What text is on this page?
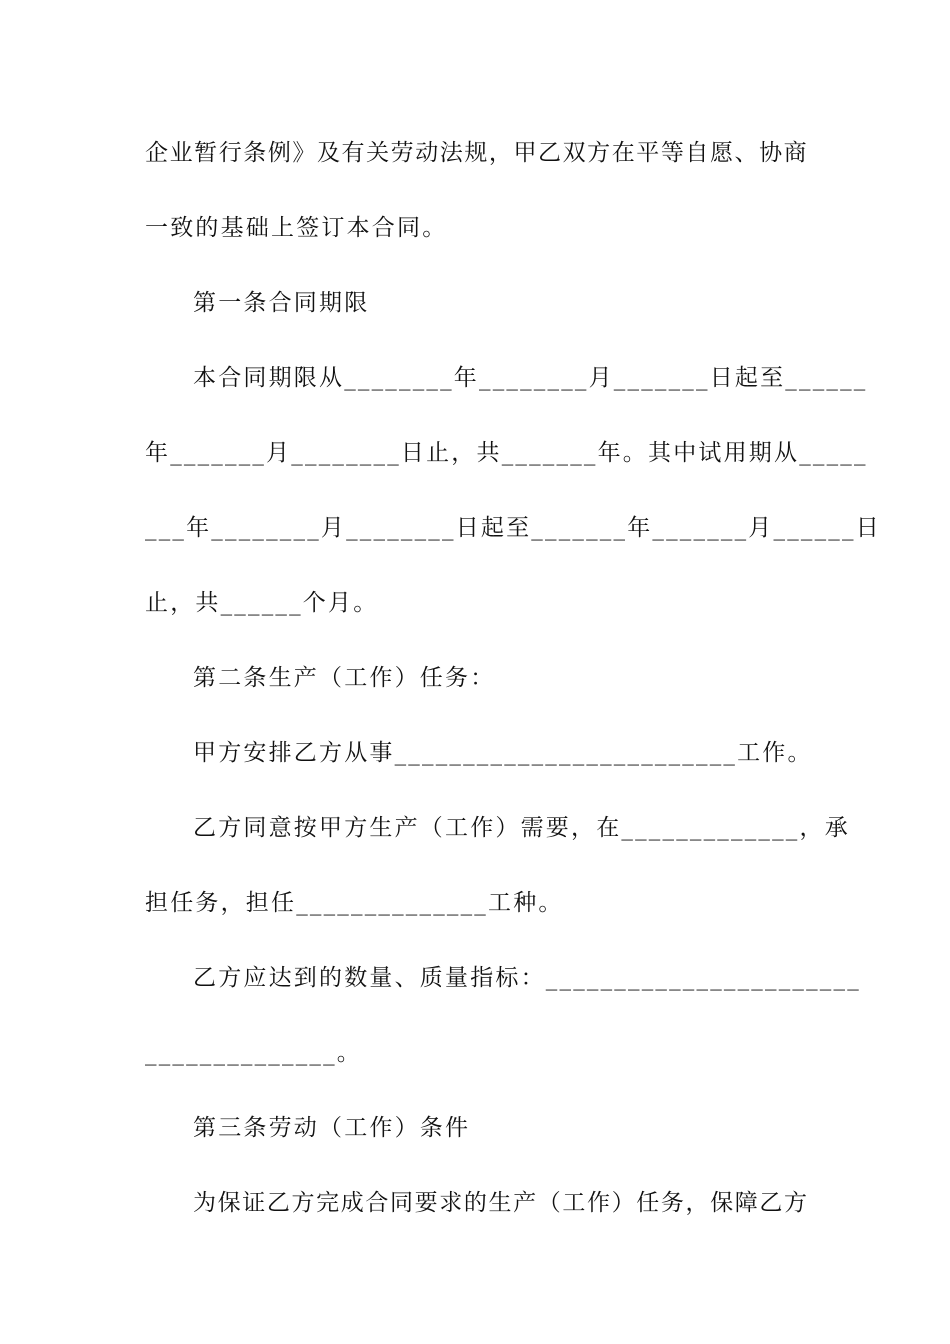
企 业 暂 行 条 例 》 及 有 关 劳 动 法 规 ， 甲 乙 双 方 在 平 等 自 愿 、 协 商
一致的基础上签订本合同。
第一条合同期限
本合同期限从________年________月_______日起至______
年_______月________日止，共_______年。其中试用期从_____
___年________月________日起至_______年_______月______日
止，共______个月。
第二条生产（工作）任务：
甲方安排乙方从事_________________________工作。
乙方同意按甲方生产（工作）需要，在_____________，承
担任务，担任______________工种。
乙方应达到的数量、质量指标：_______________________
______________。
第三条劳动（工作）条件
为 保 证 乙 方 完 成 合 同 要 求 的 生 产 （ 工 作 ） 任 务 ， 保 障 乙 方
